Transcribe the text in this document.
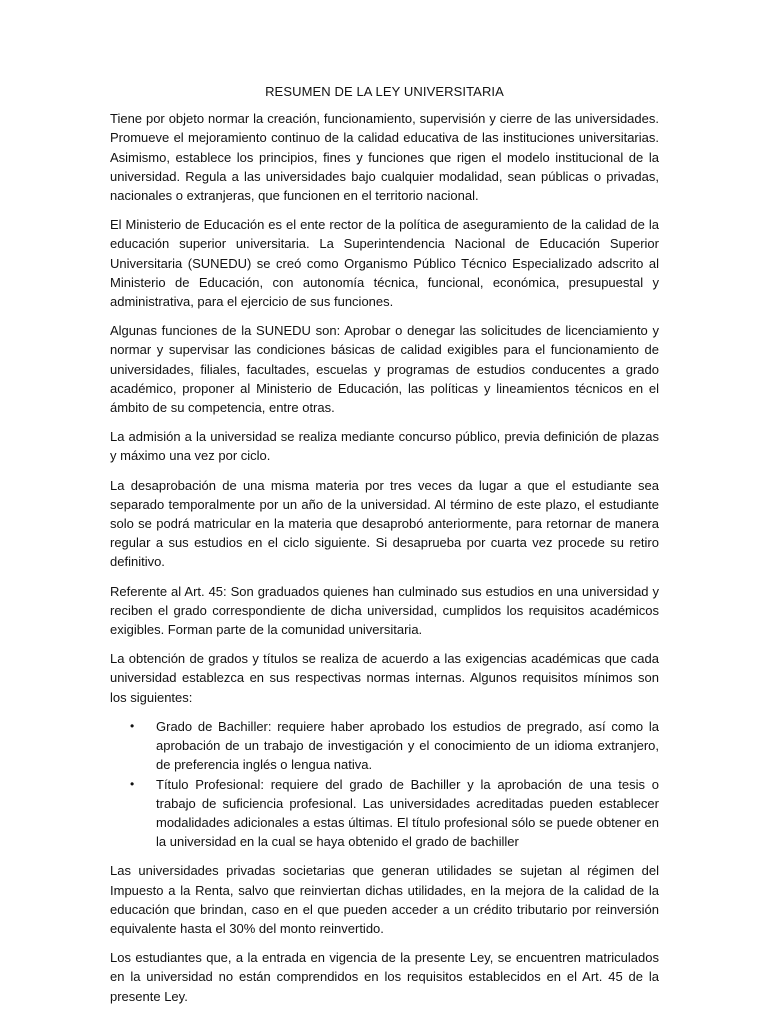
RESUMEN DE LA LEY UNIVERSITARIA

Tiene por objeto normar la creación, funcionamiento, supervisión y cierre de las universidades. Promueve el mejoramiento continuo de la calidad educativa de las instituciones universitarias. Asimismo, establece los principios, fines y funciones que rigen el modelo institucional de la universidad. Regula a las universidades bajo cualquier modalidad, sean públicas o privadas, nacionales o extranjeras, que funcionen en el territorio nacional.

El Ministerio de Educación es el ente rector de la política de aseguramiento de la calidad de la educación superior universitaria. La Superintendencia Nacional de Educación Superior Universitaria (SUNEDU) se creó como Organismo Público Técnico Especializado adscrito al Ministerio de Educación, con autonomía técnica, funcional, económica, presupuestal y administrativa, para el ejercicio de sus funciones.

Algunas funciones de la SUNEDU son: Aprobar o denegar las solicitudes de licenciamiento y normar y supervisar las condiciones básicas de calidad exigibles para el funcionamiento de universidades, filiales, facultades, escuelas y programas de estudios conducentes a grado académico, proponer al Ministerio de Educación, las políticas y lineamientos técnicos en el ámbito de su competencia, entre otras.

La admisión a la universidad se realiza mediante concurso público, previa definición de plazas y máximo una vez por ciclo.

La desaprobación de una misma materia por tres veces da lugar a que el estudiante sea separado temporalmente por un año de la universidad. Al término de este plazo, el estudiante solo se podrá matricular en la materia que desaprobó anteriormente, para retornar de manera regular a sus estudios en el ciclo siguiente. Si desaprueba por cuarta vez procede su retiro definitivo.

Referente al Art. 45: Son graduados quienes han culminado sus estudios en una universidad y reciben el grado correspondiente de dicha universidad, cumplidos los requisitos académicos exigibles. Forman parte de la comunidad universitaria.

La obtención de grados y títulos se realiza de acuerdo a las exigencias académicas que cada universidad establezca en sus respectivas normas internas. Algunos requisitos mínimos son los siguientes:

• Grado de Bachiller: requiere haber aprobado los estudios de pregrado, así como la aprobación de un trabajo de investigación y el conocimiento de un idioma extranjero, de preferencia inglés o lengua nativa.
• Título Profesional: requiere del grado de Bachiller y la aprobación de una tesis o trabajo de suficiencia profesional. Las universidades acreditadas pueden establecer modalidades adicionales a estas últimas. El título profesional sólo se puede obtener en la universidad en la cual se haya obtenido el grado de bachiller

Las universidades privadas societarias que generan utilidades se sujetan al régimen del Impuesto a la Renta, salvo que reinviertan dichas utilidades, en la mejora de la calidad de la educación que brindan, caso en el que pueden acceder a un crédito tributario por reinversión equivalente hasta el 30% del monto reinvertido.

Los estudiantes que, a la entrada en vigencia de la presente Ley, se encuentren matriculados en la universidad no están comprendidos en los requisitos establecidos en el Art. 45 de la presente Ley.
